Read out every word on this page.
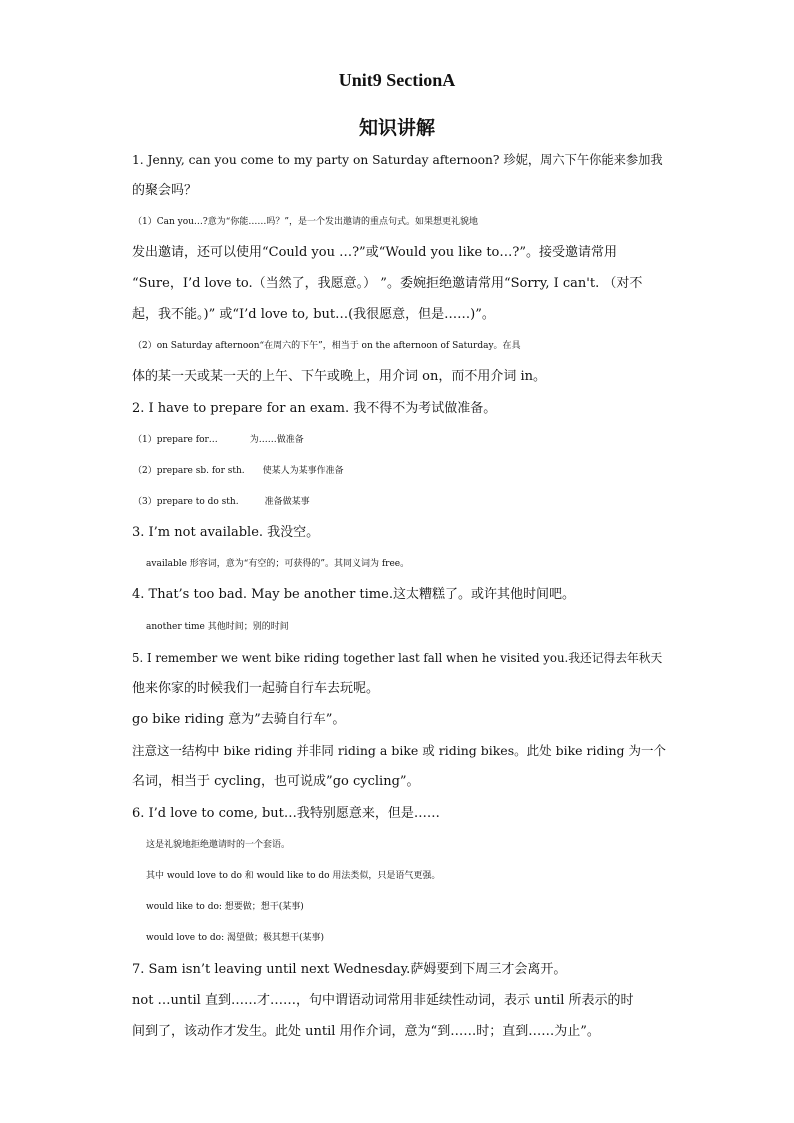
Unit9 SectionA
知识讲解
1. Jenny, can you come to my party on Saturday afternoon? 珍妮，周六下午你能来参加我
的聚会吗？
（1）Can you…?意为“你能……吗？”，是一个发出邀请的重点句式。如果想更礼貌地
发出邀请，还可以使用“Could you …?”或“Would you like to…?”。接受邀请常用
“Sure，I’d love to.（当然了，我愿意。） ”。委婉拒绝邀请常用“Sorry, I can't. （对不
起，我不能。)” 或“I’d love to, but…(我很愿意，但是……)”。
（2）on Saturday afternoon“在周六的下午”，相当于 on the afternoon of Saturday。在具
体的某一天或某一天的上午、下午或晚上，用介词 on，而不用介词 in。
2. I have to prepare for an exam. 我不得不为考试做准备。
（1）prepare for…	为……做准备
（2）prepare sb. for sth. 使某人为某事作准备
（3）prepare to do sth.	准备做某事
3. I’m not available. 我没空。
available 形容词，意为“有空的；可获得的”。其同义词为 free。
4. That’s too bad. May be another time.这太糟糕了。或许其他时间吧。
another time 其他时间；别的时间
5. I remember we went bike riding together last fall when he visited you.我还记得去年秋天
他来你家的时候我们一起骑自行车去玩呢。
go bike riding 意为”去骑自行车”。
注意这一结构中 bike riding 并非同 riding a bike 或 riding bikes。此处 bike riding 为一个
名词，相当于 cycling，也可说成”go cycling”。
6. I’d love to come, but…我特别愿意来，但是……
这是礼貌地拒绝邀请时的一个套语。
其中 would love to do 和 would like to do 用法类似，只是语气更强。
would like to do: 想要做；想干(某事)
would love to do: 渴望做；极其想干(某事)
7. Sam isn’t leaving until next Wednesday.萨姆要到下周三才会离开。
not …until 直到……才……，句中谓语动词常用非延续性动词，表示 until 所表示的时
间到了，该动作才发生。此处 until 用作介词，意为“到……时；直到……为止”。
